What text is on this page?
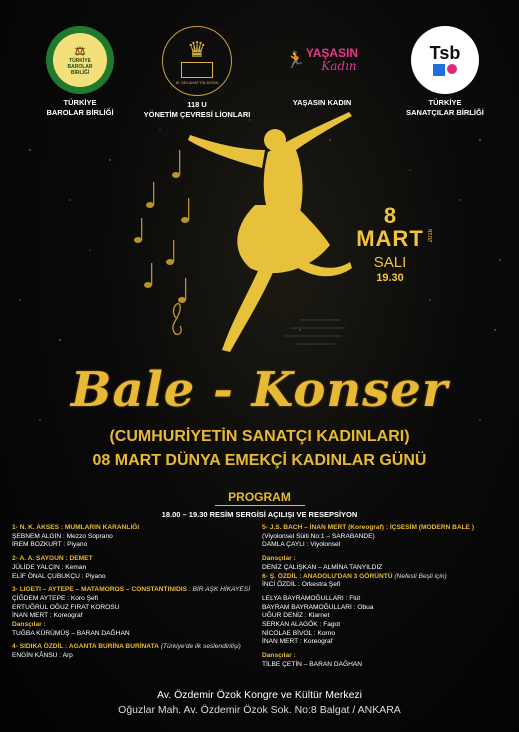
⚖
TÜRKİYE
BAROLAR
BİRLİĞİ
TÜRKİYE
BAROLAR BİRLİĞİ
♛
M. SELAHATTİN AYDIN
118 U
YÖNETİM ÇEVRESİ LİONLARI
🏃 YAŞASIN
Kadın
YAŞASIN KADIN
Tsb
TÜRKİYE
SANATÇILAR BİRLİĞİ
8
MART 2016
SALI
19.30
Bale - Konser
(CUMHURİYETİN SANATÇI KADINLARI)
08 MART DÜNYA EMEKÇİ KADINLAR GÜNÜ
PROGRAM
18.00 – 19.30 RESİM SERGİSİ AÇILIŞI VE RESEPSİYON
1- N. K. AKSES : MUMLARIN KARANLIĞI
ŞEBNEM ALGIN : Mezzo Soprano
İREM BOZKURT : Piyano
2- A. A. SAYGUN : DEMET
JÜLİDE YALÇIN : Keman
ELİF ÖNAL ÇUBUKÇU : Piyano
3- LIGETI – AYTEPE – MATAMOROS – CONSTANTINIDIS : BİR AŞK HİKAYESİ
ÇİĞDEM AYTEPE : Koro Şefi
ERTUĞRUL OĞUZ FIRAT KOROSU
İNAN MERT : Koreograf
Dansçılar :
TUĞBA KÜRÜMÜŞ – BARAN DAĞHAN
4- SIDIKA ÖZDİL : AGANTA BURİNA BURİNATA (Türkiye'de ilk seslendirilişi)
ENGİN KÂNSU : Arp
5- J.S. BACH – İNAN MERT (Koreograf) : İÇSESİM (MODERN BALE )
(Viyolonsel Süiti No:1 – SARABANDE)
DAMLA ÇAYLI : Viyolonsel
Dansçılar :
DENİZ ÇALIŞKAN – ALMİNA TANYILDIZ
6- Ş. ÖZDİL : ANADOLU'DAN 3 GÖRÜNTÜ (Nefesli Beşli için)
İNCİ ÖZDİL : Orkestra Şefi
LELYA BAYRAMOĞULLARI : Flüt
BAYRAM BAYRAMOĞULLARI : Obua
UĞUR DENİZ : Klarnet
SERKAN ALAGÖK : Fagot
NİCOLAE BİVOL : Korno
İNAN MERT : Koreograf
Dansçılar :
TİLBE ÇETİN – BARAN DAĞHAN
Av. Özdemir Özok Kongre ve Kültür Merkezi
Oğuzlar Mah. Av. Özdemir Özok Sok. No:8 Balgat / ANKARA
